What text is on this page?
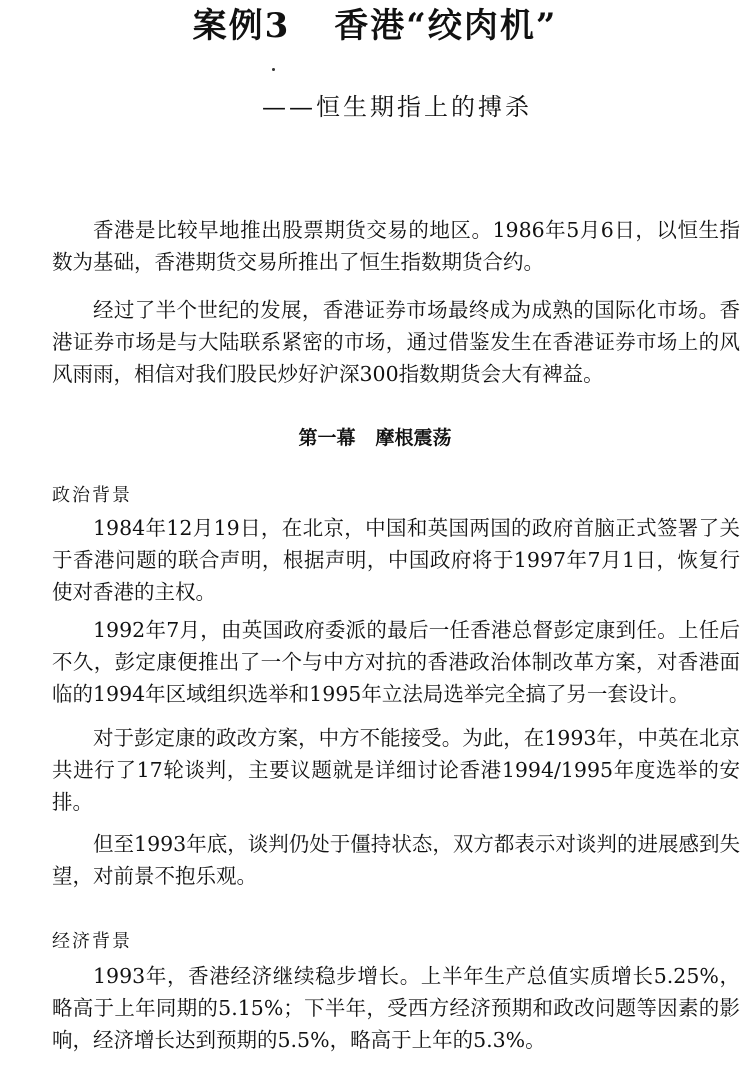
案例3 香港“绞肉机”
——恒生期指上的搏杀

香港是比较早地推出股票期货交易的地区。1986年5月6日，以恒生指数为基础，香港期货交易所推出了恒生指数期货合约。

经过了半个世纪的发展，香港证券市场最终成为成熟的国际化市场。香港证券市场是与大陆联系紧密的市场，通过借鉴发生在香港证券市场上的风风雨雨，相信对我们股民炒好沪深300指数期货会大有裨益。

第一幕 摩根震荡
政治背景

1984年12月19日，在北京，中国和英国两国的政府首脑正式签署了关于香港问题的联合声明，根据声明，中国政府将于1997年7月1日，恢复行使对香港的主权。

1992年7月，由英国政府委派的最后一任香港总督彭定康到任。上任后不久，彭定康便推出了一个与中方对抗的香港政治体制改革方案，对香港面临的1994年区域组织选举和1995年立法局选举完全搞了另一套设计。

对于彭定康的政改方案，中方不能接受。为此，在1993年，中英在北京共进行了17轮谈判，主要议题就是详细讨论香港1994/1995年度选举的安排。

但至1993年底，谈判仍处于僵持状态，双方都表示对谈判的进展感到失望，对前景不抱乐观。

经济背景

1993年，香港经济继续稳步增长。上半年生产总值实质增长5.25%，略高于上年同期的5.15%；下半年，受西方经济预期和政改问题等因素的影响，经济增长达到预期的5.5%，略高于上年的5.3%。
